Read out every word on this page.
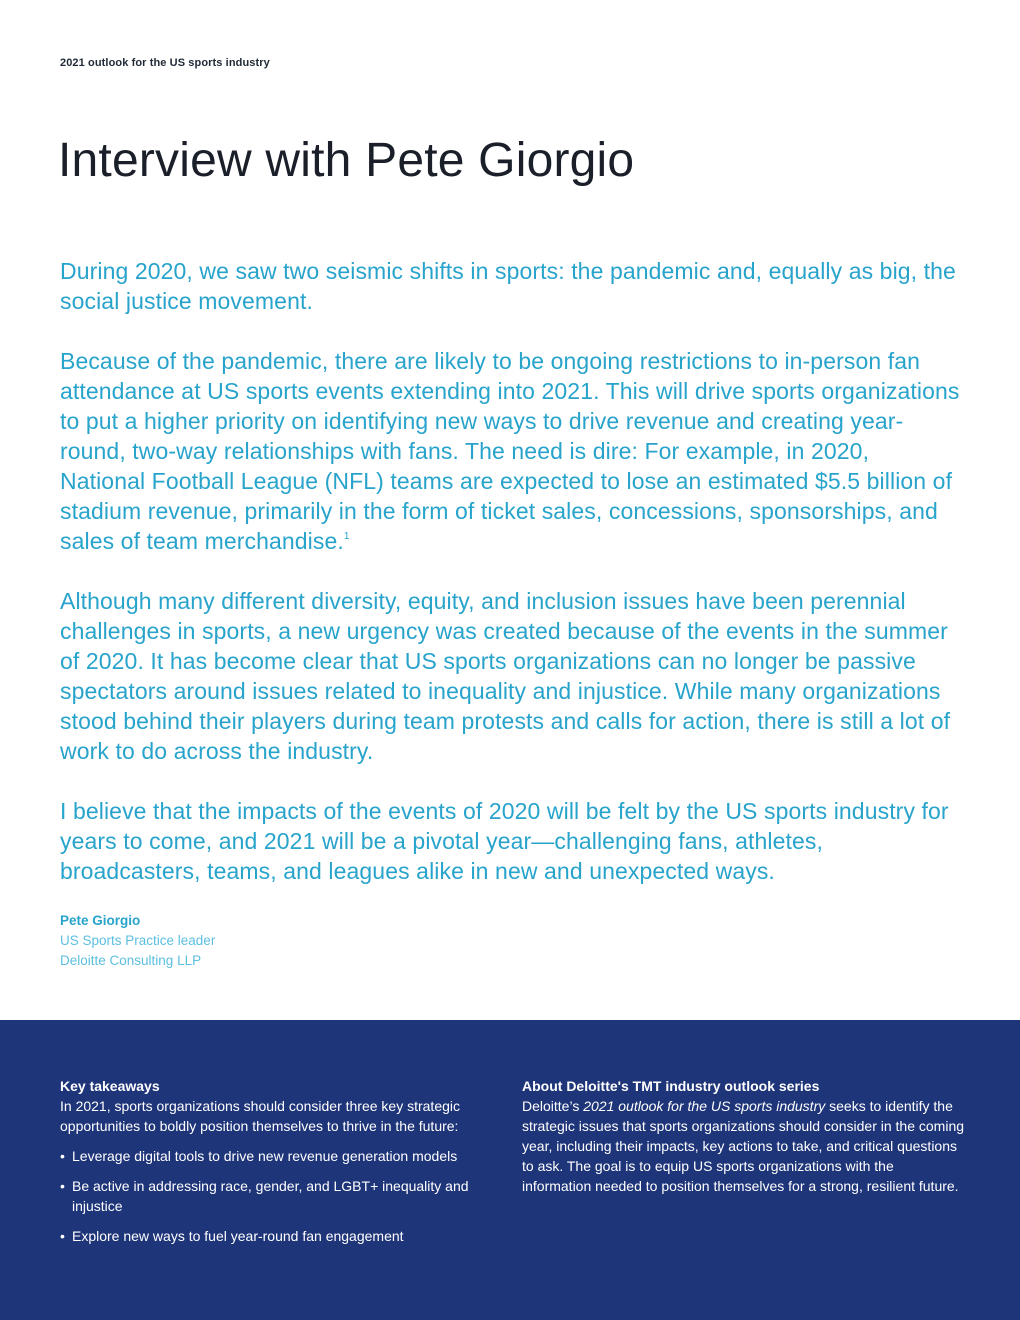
2021 outlook for the US sports industry
Interview with Pete Giorgio

During 2020, we saw two seismic shifts in sports: the pandemic and, equally as big, the social justice movement.

Because of the pandemic, there are likely to be ongoing restrictions to in-person fan attendance at US sports events extending into 2021. This will drive sports organizations to put a higher priority on identifying new ways to drive revenue and creating year-round, two-way relationships with fans. The need is dire: For example, in 2020, National Football League (NFL) teams are expected to lose an estimated $5.5 billion of stadium revenue, primarily in the form of ticket sales, concessions, sponsorships, and sales of team merchandise.$^1$

Although many different diversity, equity, and inclusion issues have been perennial challenges in sports, a new urgency was created because of the events in the summer of 2020. It has become clear that US sports organizations can no longer be passive spectators around issues related to inequality and injustice. While many organizations stood behind their players during team protests and calls for action, there is still a lot of work to do across the industry.

I believe that the impacts of the events of 2020 will be felt by the US sports industry for years to come, and 2021 will be a pivotal year—challenging fans, athletes, broadcasters, teams, and leagues alike in new and unexpected ways.

Pete Giorgio
US Sports Practice leader
Deloitte Consulting LLP
Key takeaways

In 2021, sports organizations should consider three key strategic opportunities to boldly position themselves to thrive in the future:

• Leverage digital tools to drive new revenue generation models
• Be active in addressing race, gender, and LGBT+ inequality and injustice
• Explore new ways to fuel year-round fan engagement
About Deloitte's TMT industry outlook series

Deloitte’s 2021 outlook for the US sports industry seeks to identify the strategic issues that sports organizations should consider in the coming year, including their impacts, key actions to take, and critical questions to ask. The goal is to equip US sports organizations with the information needed to position themselves for a strong, resilient future.
